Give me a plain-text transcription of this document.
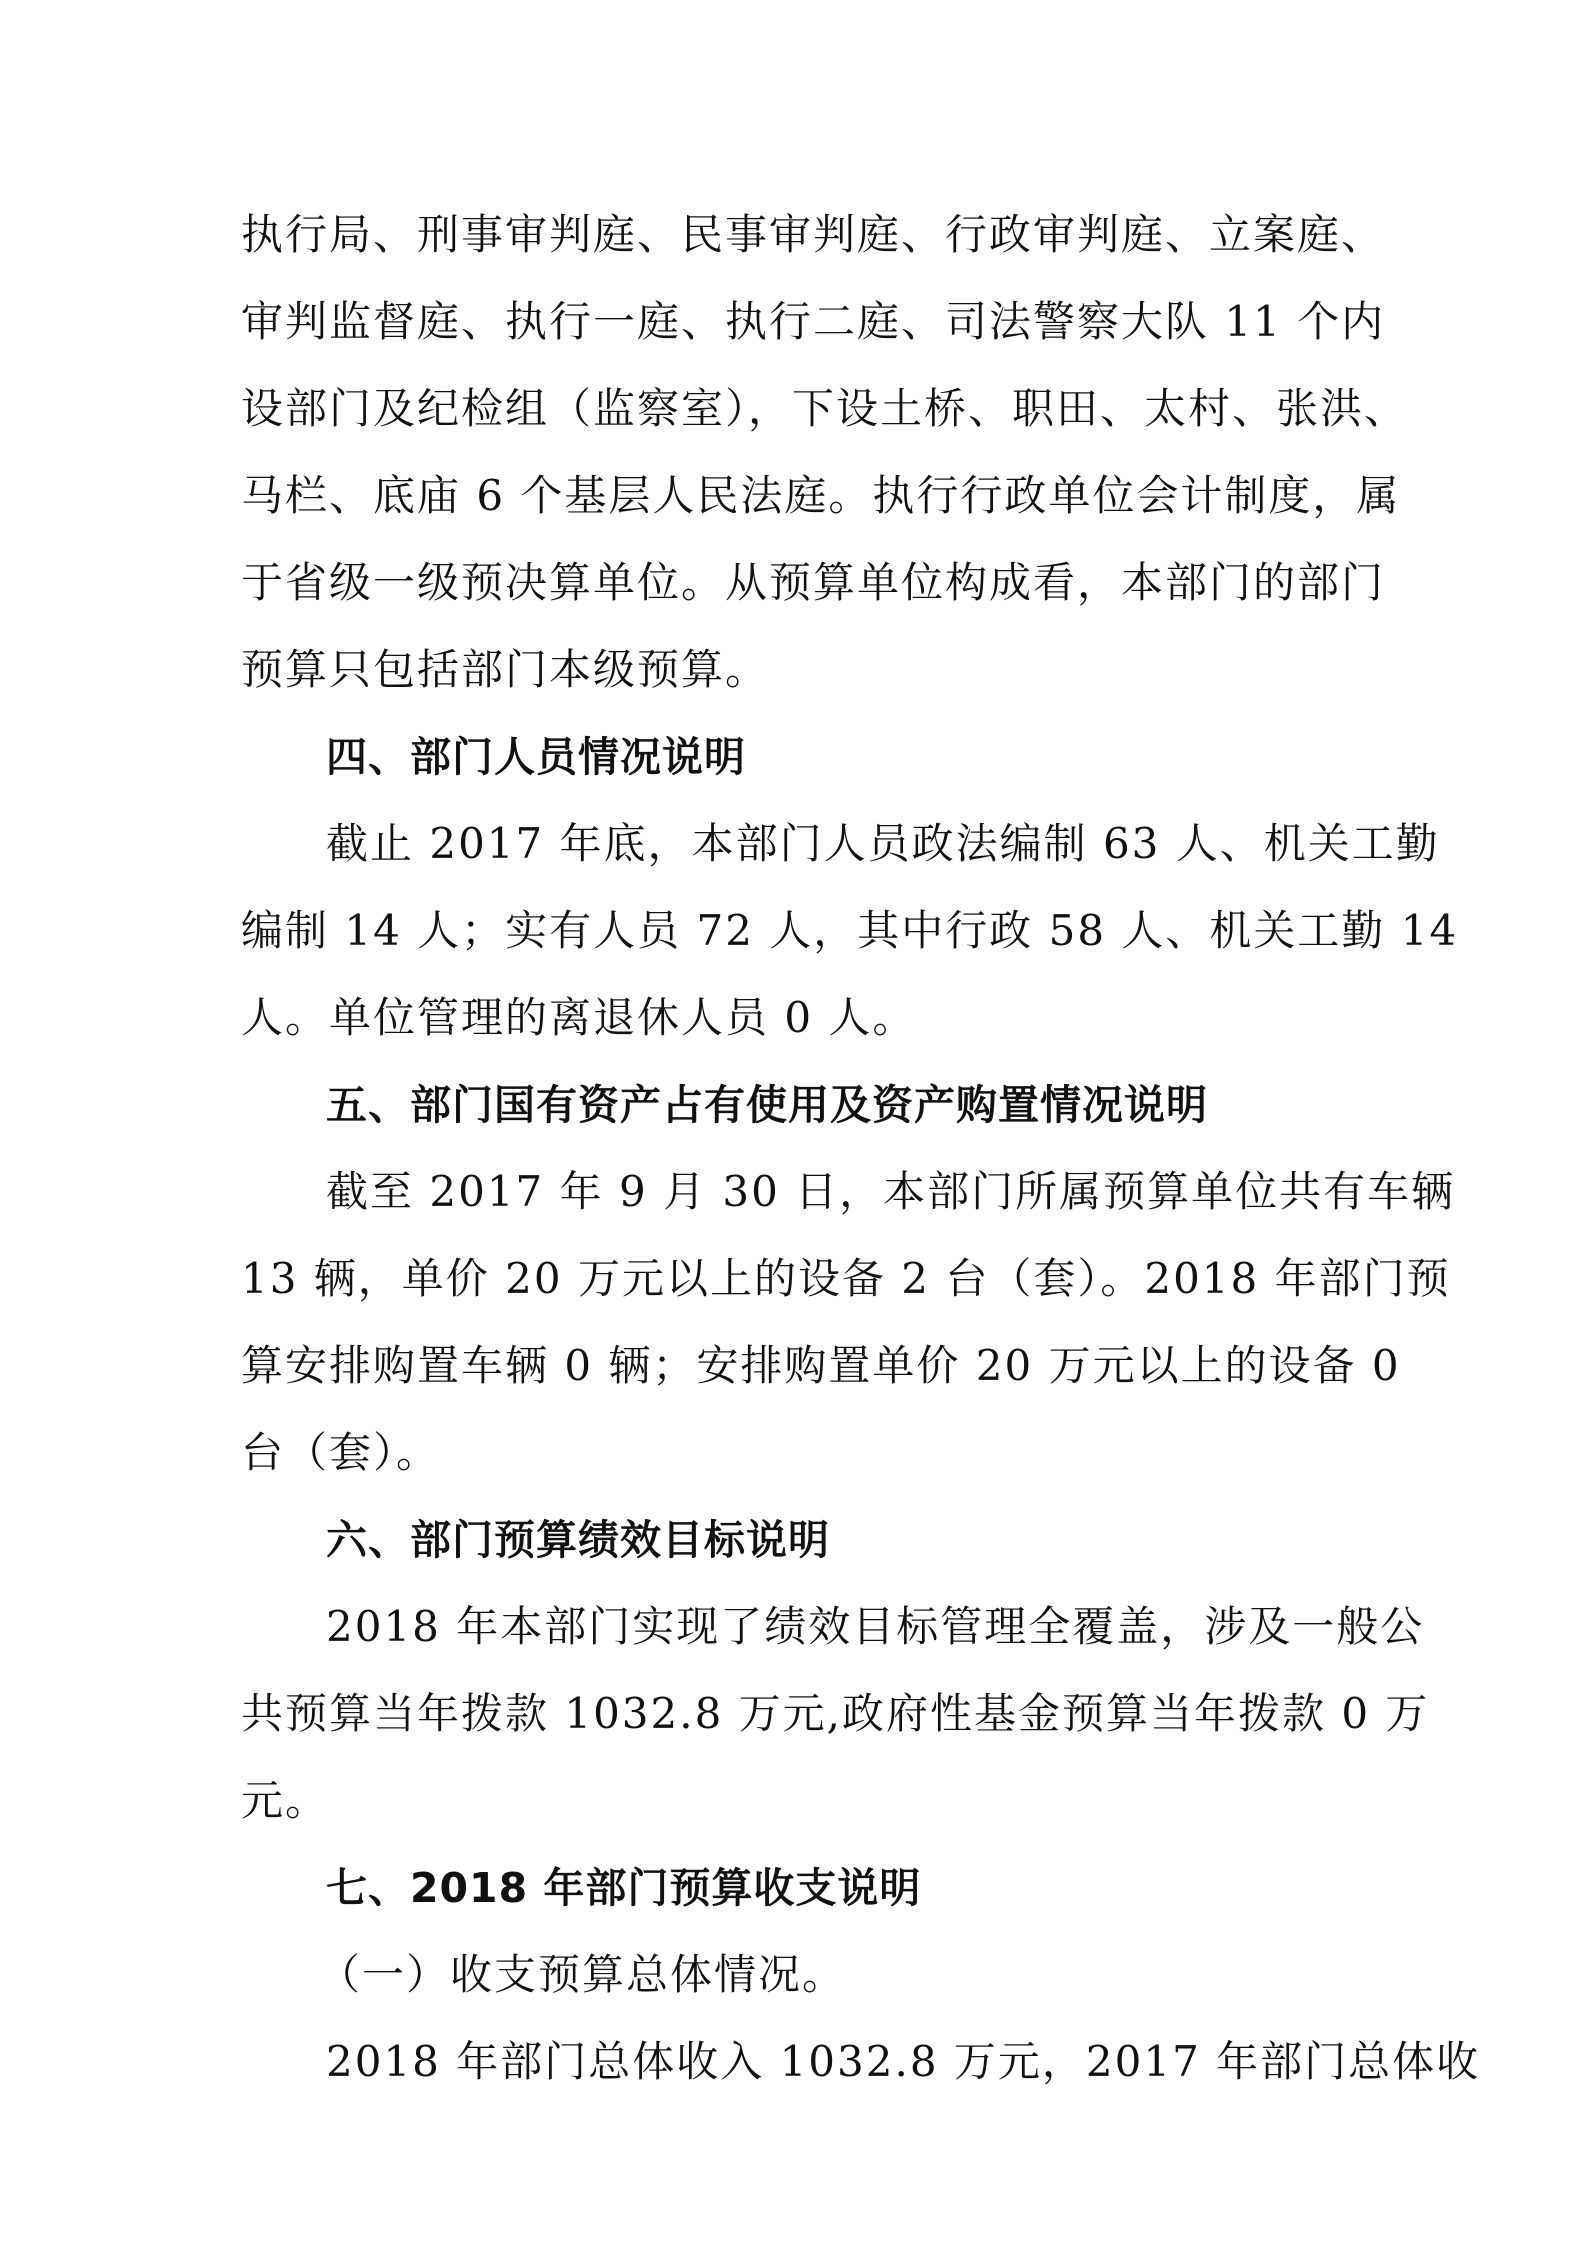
执行局、刑事审判庭、民事审判庭、行政审判庭、立案庭、
审判监督庭、执行一庭、执行二庭、司法警察大队 11 个内
设部门及纪检组（监察室），下设土桥、职田、太村、张洪、
马栏、底庙 6 个基层人民法庭。执行行政单位会计制度，属
于省级一级预决算单位。从预算单位构成看，本部门的部门
预算只包括部门本级预算。
四、部门人员情况说明
截止 2017 年底，本部门人员政法编制 63 人、机关工勤
编制 14 人；实有人员 72 人，其中行政 58 人、机关工勤 14
人。单位管理的离退休人员 0 人。
五、部门国有资产占有使用及资产购置情况说明
截至 2017 年 9 月 30 日，本部门所属预算单位共有车辆
13 辆，单价 20 万元以上的设备 2 台（套）。2018 年部门预
算安排购置车辆 0 辆；安排购置单价 20 万元以上的设备 0
台（套）。
六、部门预算绩效目标说明
2018 年本部门实现了绩效目标管理全覆盖，涉及一般公
共预算当年拨款 1032.8 万元,政府性基金预算当年拨款 0 万
元。
七、2018 年部门预算收支说明
（一）收支预算总体情况。
2018 年部门总体收入 1032.8 万元，2017 年部门总体收
